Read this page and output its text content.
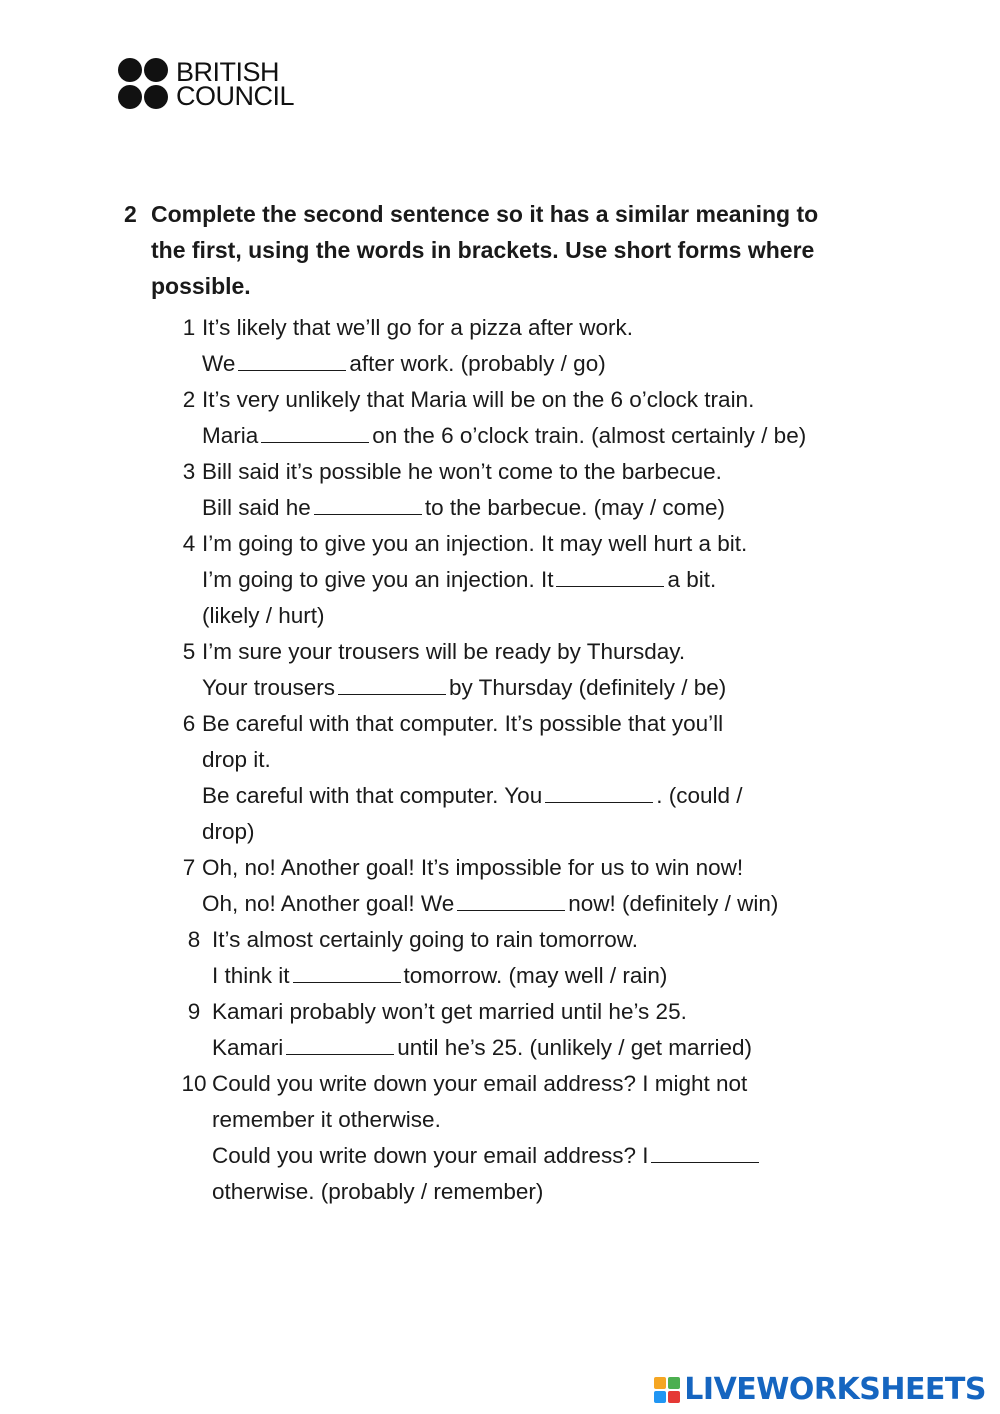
BRITISH
COUNCIL
2 Complete the second sentence so it has a similar meaning to the first, using the words in brackets. Use short forms where possible.
1 It’s likely that we’ll go for a pizza after work.
We	after work. (probably / go)
2 It’s very unlikely that Maria will be on the 6 o’clock train.
Maria	on the 6 o’clock train. (almost certainly / be)
3 Bill said it’s possible he won’t come to the barbecue.
Bill said he	to the barbecue. (may / come)
4 I’m going to give you an injection. It may well hurt a bit.
I’m going to give you an injection. It	a bit.
(likely / hurt)
5 I’m sure your trousers will be ready by Thursday.
Your trousers	by Thursday (definitely / be)
6 Be careful with that computer. It’s possible that you’ll
drop it.
Be careful with that computer. You	. (could /
drop)
7 Oh, no! Another goal! It’s impossible for us to win now!
Oh, no! Another goal! We	now! (definitely / win)
8 It’s almost certainly going to rain tomorrow.
I think it	tomorrow. (may well / rain)
9 Kamari probably won’t get married until he’s 25.
Kamari	until he’s 25. (unlikely / get married)
10 Could you write down your email address? I might not
remember it otherwise.
Could you write down your email address? I
otherwise. (probably / remember)
LIVEWORKSHEETS
